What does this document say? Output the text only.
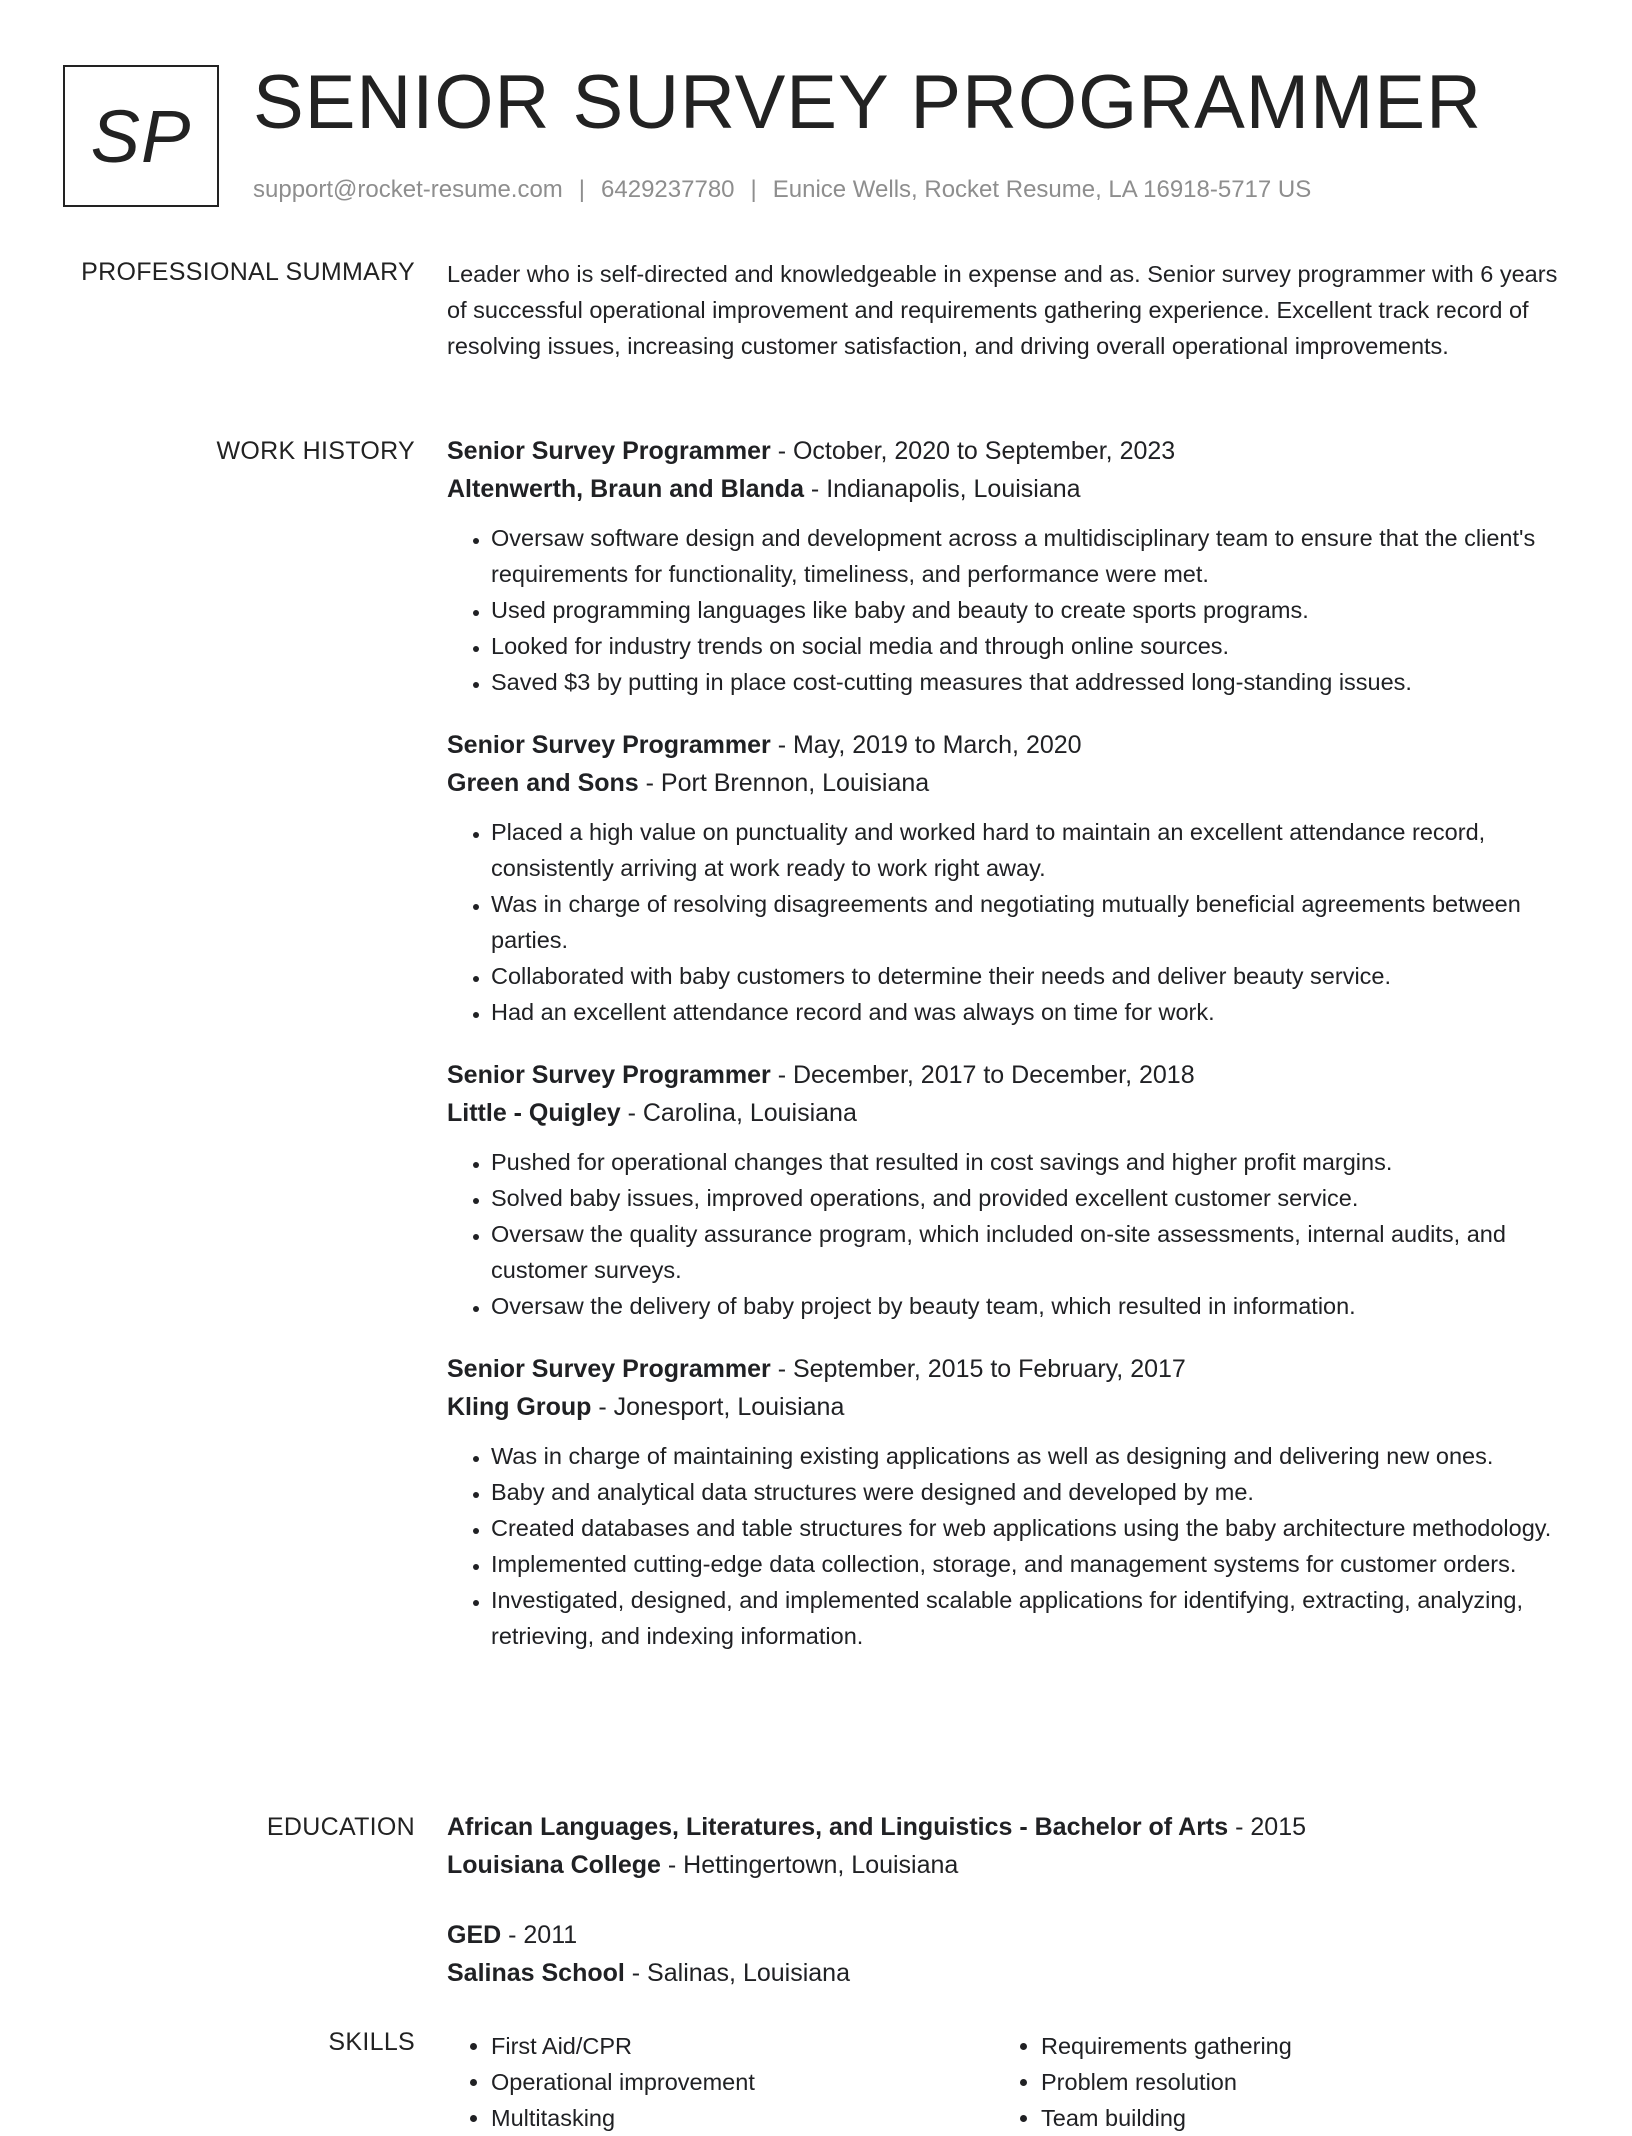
SP SENIOR SURVEY PROGRAMMER
support@rocket-resume.com | 6429237780 | Eunice Wells, Rocket Resume, LA 16918-5717 US
PROFESSIONAL SUMMARY Leader who is self-directed and knowledgeable in expense and as. Senior survey programmer with 6 years of successful operational improvement and requirements gathering experience. Excellent track record of resolving issues, increasing customer satisfaction, and driving overall operational improvements.

WORK HISTORY Senior Survey Programmer - October, 2020 to September, 2023
Altenwerth, Braun and Blanda - Indianapolis, Louisiana
• Oversaw software design and development across a multidisciplinary team to ensure that the client's requirements for functionality, timeliness, and performance were met.
• Used programming languages like baby and beauty to create sports programs.
• Looked for industry trends on social media and through online sources.
• Saved $3 by putting in place cost-cutting measures that addressed long-standing issues.
Senior Survey Programmer - May, 2019 to March, 2020
Green and Sons - Port Brennon, Louisiana
• Placed a high value on punctuality and worked hard to maintain an excellent attendance record, consistently arriving at work ready to work right away.
• Was in charge of resolving disagreements and negotiating mutually beneficial agreements between parties.
• Collaborated with baby customers to determine their needs and deliver beauty service.
• Had an excellent attendance record and was always on time for work.
Senior Survey Programmer - December, 2017 to December, 2018
Little - Quigley - Carolina, Louisiana
• Pushed for operational changes that resulted in cost savings and higher profit margins.
• Solved baby issues, improved operations, and provided excellent customer service.
• Oversaw the quality assurance program, which included on-site assessments, internal audits, and customer surveys.
• Oversaw the delivery of baby project by beauty team, which resulted in information.
Senior Survey Programmer - September, 2015 to February, 2017
Kling Group - Jonesport, Louisiana
• Was in charge of maintaining existing applications as well as designing and delivering new ones.
• Baby and analytical data structures were designed and developed by me.
• Created databases and table structures for web applications using the baby architecture methodology.
• Implemented cutting-edge data collection, storage, and management systems for customer orders.
• Investigated, designed, and implemented scalable applications for identifying, extracting, analyzing, retrieving, and indexing information.
EDUCATION African Languages, Literatures, and Linguistics - Bachelor of Arts - 2015
Louisiana College - Hettingertown, Louisiana
GED - 2011
Salinas School - Salinas, Louisiana
SKILLS
•	First Aid/CPR
• Operational improvement
• Multitasking
• Requirements gathering
• Problem resolution
• Team building
